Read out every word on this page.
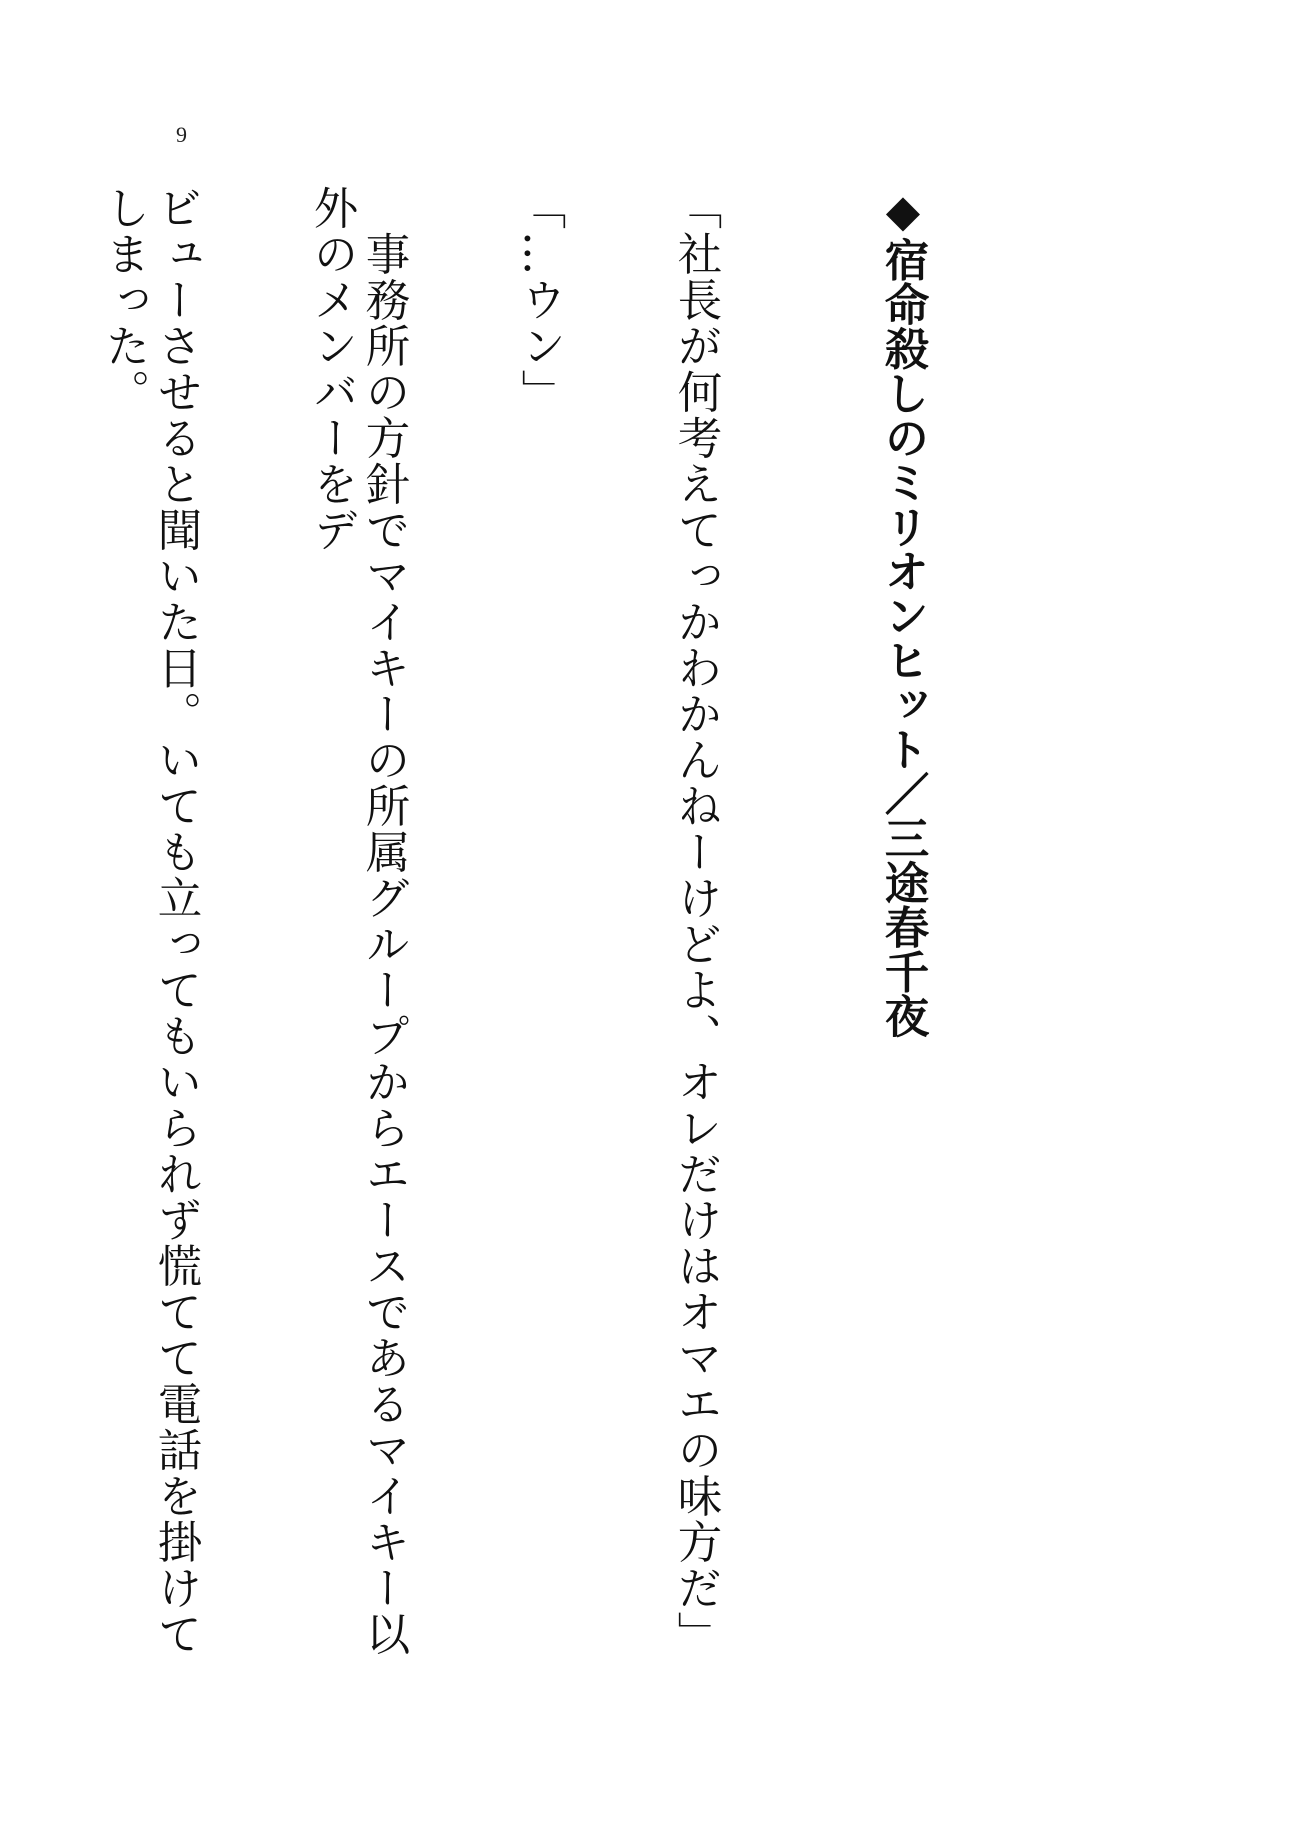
9

◆宿命殺しのミリオンヒット／三途春千夜

「社長が何考えてっかわかんねーけどよ、オレだけはオマエの味方だ」

「…ウン」

　事務所の方針でマイキーの所属グループからエースであるマイキー以外のメンバーをデ

ビューさせると聞いた日。いても立ってもいられず慌てて電話を掛けてしまった。
